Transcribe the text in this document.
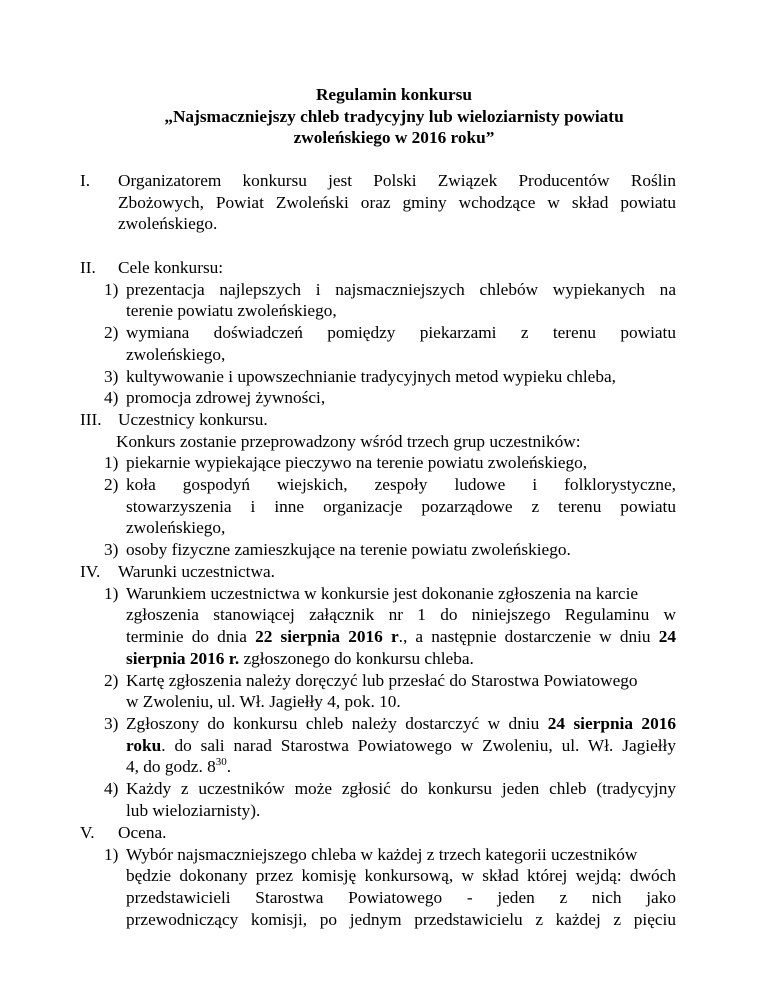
Regulamin konkursu
„Najsmaczniejszy chleb tradycyjny lub wieloziarnisty powiatu
zwoleńskiego w 2016 roku”
I.	Organizatorem konkursu jest Polski Związek Producentów Roślin
Zbożowych, Powiat Zwoleński oraz gminy wchodzące w skład powiatu
zwoleńskiego.
II.	Cele konkursu:
1) prezentacja najlepszych i najsmaczniejszych chlebów wypiekanych na
terenie powiatu zwoleńskiego,
2) wymiana doświadczeń pomiędzy piekarzami z terenu powiatu
zwoleńskiego,
3) kultywowanie i upowszechnianie tradycyjnych metod wypieku chleba,
4) promocja zdrowej żywności,
III. Uczestnicy konkursu.
Konkurs zostanie przeprowadzony wśród trzech grup uczestników:
1) piekarnie wypiekające pieczywo na terenie powiatu zwoleńskiego,
2) koła gospodyń wiejskich, zespoły ludowe i folklorystyczne,
stowarzyszenia i inne organizacje pozarządowe z terenu powiatu
zwoleńskiego,
3) osoby fizyczne zamieszkujące na terenie powiatu zwoleńskiego.
IV.	Warunki uczestnictwa.
1) Warunkiem uczestnictwa w konkursie jest dokonanie zgłoszenia na karcie
zgłoszenia stanowiącej załącznik nr 1 do niniejszego Regulaminu w
terminie do dnia 22 sierpnia 2016 r., a następnie dostarczenie w dniu 24
sierpnia 2016 r. zgłoszonego do konkursu chleba.
2) Kartę zgłoszenia należy doręczyć lub przesłać do Starostwa Powiatowego
w Zwoleniu, ul. Wł. Jagiełły 4, pok. 10.
3) Zgłoszony do konkursu chleb należy dostarczyć w dniu 24 sierpnia 2016
roku. do sali narad Starostwa Powiatowego w Zwoleniu, ul. Wł. Jagiełły
4, do godz. $8^{30}$.
4) Każdy z uczestników może zgłosić do konkursu jeden chleb (tradycyjny
lub wieloziarnisty).
V.	Ocena.
1) Wybór najsmaczniejszego chleba w każdej z trzech kategorii uczestników
będzie dokonany przez komisję konkursową, w skład której wejdą: dwóch
przedstawicieli Starostwa Powiatowego - jeden z nich jako
przewodniczący komisji, po jednym przedstawicielu z każdej z pięciu
